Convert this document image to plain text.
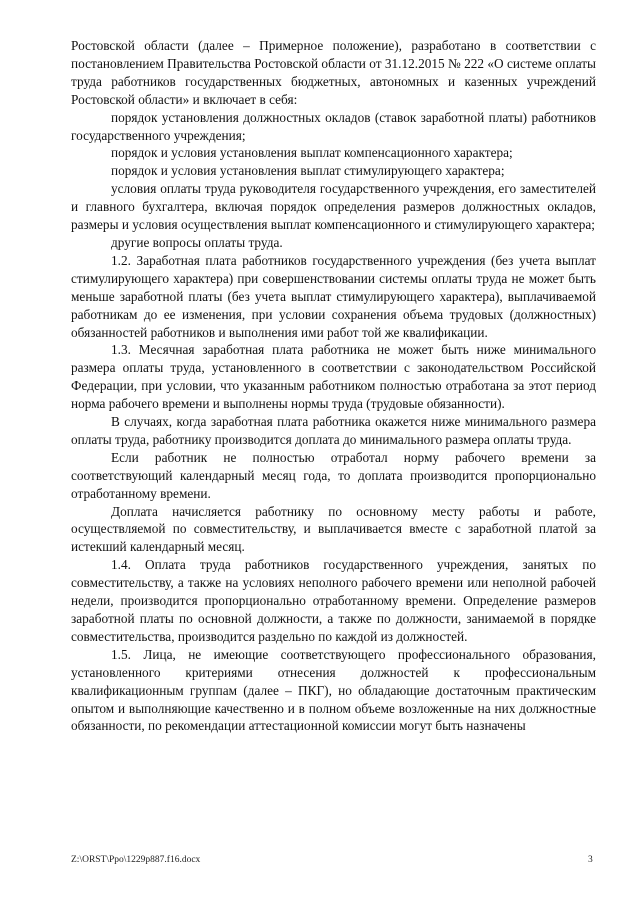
Ростовской области (далее – Примерное положение), разработано в соответствии с постановлением Правительства Ростовской области от 31.12.2015 № 222 «О системе оплаты труда работников государственных бюджетных, автономных и казенных учреждений Ростовской области» и включает в себя:

порядок установления должностных окладов (ставок заработной платы) работников государственного учреждения;

порядок и условия установления выплат компенсационного характера;

порядок и условия установления выплат стимулирующего характера;

условия оплаты труда руководителя государственного учреждения, его заместителей и главного бухгалтера, включая порядок определения размеров должностных окладов, размеры и условия осуществления выплат компенсационного и стимулирующего характера;

другие вопросы оплаты труда.

1.2. Заработная плата работников государственного учреждения (без учета выплат стимулирующего характера) при совершенствовании системы оплаты труда не может быть меньше заработной платы (без учета выплат стимулирующего характера), выплачиваемой работникам до ее изменения, при условии сохранения объема трудовых (должностных) обязанностей работников и выполнения ими работ той же квалификации.

1.3. Месячная заработная плата работника не может быть ниже минимального размера оплаты труда, установленного в соответствии с законодательством Российской Федерации, при условии, что указанным работником полностью отработана за этот период норма рабочего времени и выполнены нормы труда (трудовые обязанности).

В случаях, когда заработная плата работника окажется ниже минимального размера оплаты труда, работнику производится доплата до минимального размера оплаты труда.

Если работник не полностью отработал норму рабочего времени за соответствующий календарный месяц года, то доплата производится пропорционально отработанному времени.

Доплата начисляется работнику по основному месту работы и работе, осуществляемой по совместительству, и выплачивается вместе с заработной платой за истекший календарный месяц.

1.4. Оплата труда работников государственного учреждения, занятых по совместительству, а также на условиях неполного рабочего времени или неполной рабочей недели, производится пропорционально отработанному времени. Определение размеров заработной платы по основной должности, а также по должности, занимаемой в порядке совместительства, производится раздельно по каждой из должностей.

1.5. Лица, не имеющие соответствующего профессионального образования, установленного критериями отнесения должностей к профессиональным квалификационным группам (далее – ПКГ), но обладающие достаточным практическим опытом и выполняющие качественно и в полном объеме возложенные на них должностные обязанности, по рекомендации аттестационной комиссии могут быть назначены

Z:\ORST\Ppo\1229p887.f16.docx	3
